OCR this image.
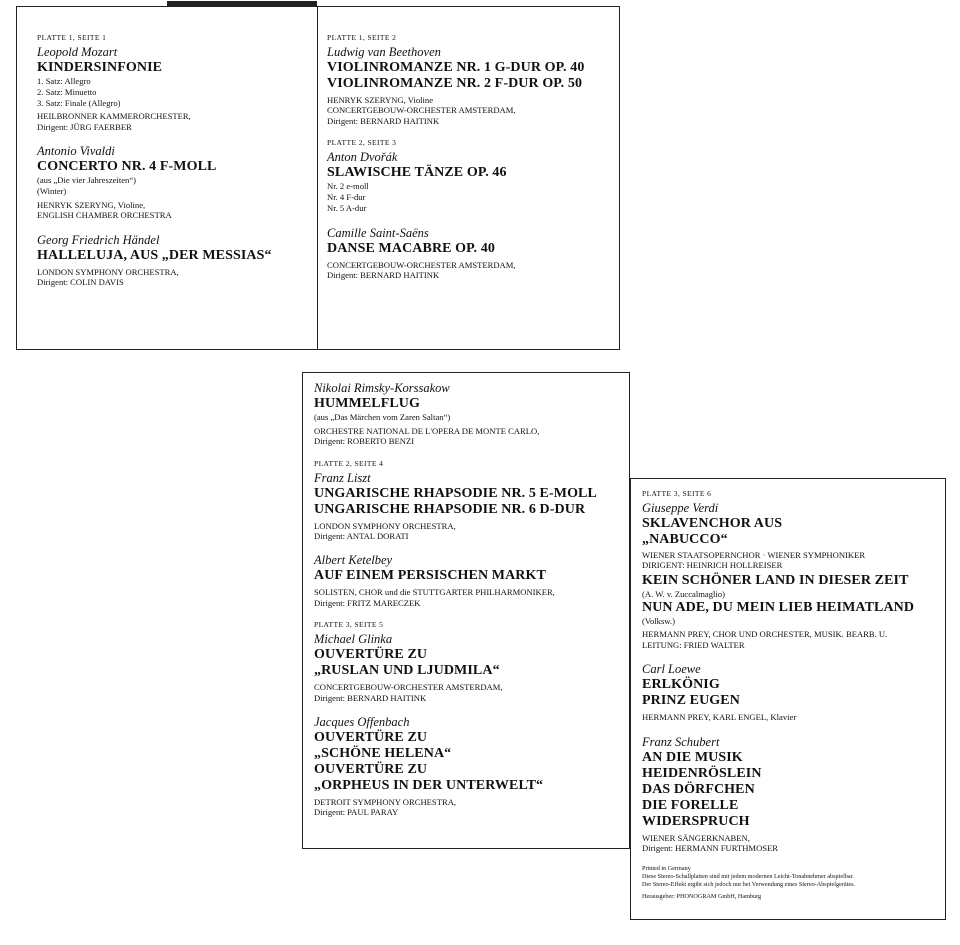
PLATTE 1, SEITE 1

Leopold Mozart

KINDERSINFONIE

1. Satz: Allegro

2. Satz: Minuetto

3. Satz: Finale (Allegro)

HEILBRONNER KAMMERORCHESTER,
Dirigent: JÜRG FAERBER

Antonio Vivaldi

CONCERTO NR. 4 F-MOLL

(aus „Die vier Jahreszeiten“)

(Winter)

HENRYK SZERYNG, Violine,
ENGLISH CHAMBER ORCHESTRA

Georg Friedrich Händel

HALLELUJA, AUS „DER MESSIAS“

LONDON SYMPHONY ORCHESTRA,
Dirigent: COLIN DAVIS

PLATTE 1, SEITE 2

Ludwig van Beethoven

VIOLINROMANZE NR. 1 G-DUR OP. 40

VIOLINROMANZE NR. 2 F-DUR OP. 50

HENRYK SZERYNG, Violine
CONCERTGEBOUW-ORCHESTER AMSTERDAM,
Dirigent: BERNARD HAITINK

PLATTE 2, SEITE 3

Anton Dvořák

SLAWISCHE TÄNZE OP. 46

Nr. 2 e-moll

Nr. 4 F-dur

Nr. 5 A-dur

Camille Saint-Saëns

DANSE MACABRE OP. 40

CONCERTGEBOUW-ORCHESTER AMSTERDAM,
Dirigent: BERNARD HAITINK

Nikolai Rimsky-Korssakow

HUMMELFLUG

(aus „Das Märchen vom Zaren Saltan“)

ORCHESTRE NATIONAL DE L'OPERA DE MONTE CARLO,
Dirigent: ROBERTO BENZI

PLATTE 2, SEITE 4

Franz Liszt

UNGARISCHE RHAPSODIE NR. 5 E-MOLL

UNGARISCHE RHAPSODIE NR. 6 D-DUR

LONDON SYMPHONY ORCHESTRA,
Dirigent: ANTAL DORATI

Albert Ketelbey

AUF EINEM PERSISCHEN MARKT

SOLISTEN, CHOR und die STUTTGARTER PHILHARMONIKER,
Dirigent: FRITZ MARECZEK

PLATTE 3, SEITE 5

Michael Glinka

OUVERTÜRE ZU

„RUSLAN UND LJUDMILA“

CONCERTGEBOUW-ORCHESTER AMSTERDAM,
Dirigent: BERNARD HAITINK

Jacques Offenbach

OUVERTÜRE ZU

„SCHÖNE HELENA“

OUVERTÜRE ZU

„ORPHEUS IN DER UNTERWELT“

DETROIT SYMPHONY ORCHESTRA,
Dirigent: PAUL PARAY

PLATTE 3, SEITE 6

Giuseppe Verdi

SKLAVENCHOR AUS

„NABUCCO“

WIENER STAATSOPERNCHOR · WIENER SYMPHONIKER
DIRIGENT: HEINRICH HOLLREISER

KEIN SCHÖNER LAND IN DIESER ZEIT

(A. W. v. Zuccalmaglio)

NUN ADE, DU MEIN LIEB HEIMATLAND

(Volksw.)

HERMANN PREY, CHOR UND ORCHESTER, MUSIK. BEARB. U.
LEITUNG: FRIED WALTER

Carl Loewe

ERLKÖNIG

PRINZ EUGEN

HERMANN PREY, KARL ENGEL, Klavier

Franz Schubert

AN DIE MUSIK

HEIDENRÖSLEIN

DAS DÖRFCHEN

DIE FORELLE

WIDERSPRUCH

WIENER SÄNGERKNABEN,
Dirigent: HERMANN FURTHMOSER

Printed in Germany

Diese Stereo-Schallplatten sind mit jedem modernen Leicht-Tonabnehmer abspielbar.

Der Stereo-Effekt ergibt sich jedoch nur bei Verwendung eines Stereo-Abspielgerätes.

Herausgeber: PHONOGRAM GmbH, Hamburg
